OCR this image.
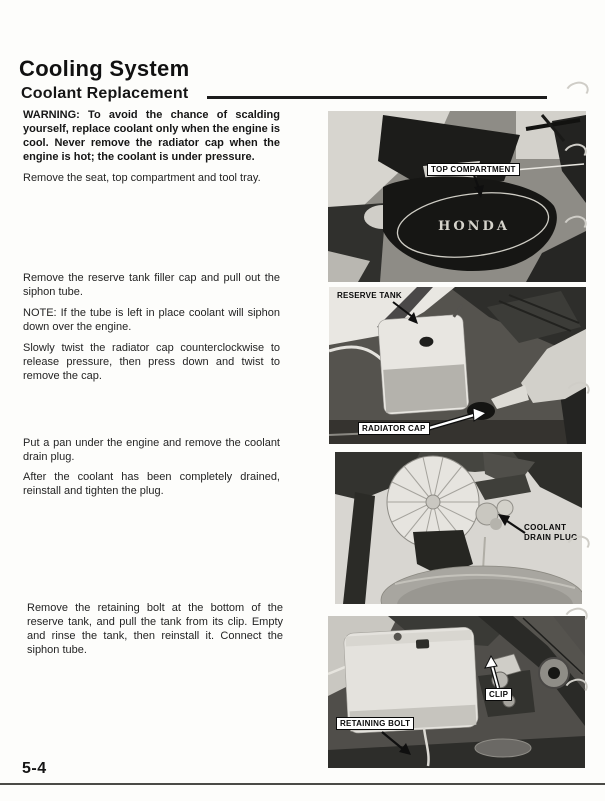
Cooling System
Coolant Replacement

WARNING: To avoid the chance of scalding yourself, replace coolant only when the engine is cool. Never remove the radiator cap when the engine is hot; the coolant is under pressure.

Remove the seat, top compartment and tool tray.

Remove the reserve tank filler cap and pull out the siphon tube.

NOTE: If the tube is left in place coolant will siphon down over the engine.

Slowly twist the radiator cap counterclockwise to release pressure, then press down and twist to remove the cap.

Put a pan under the engine and remove the coolant drain plug.

After the coolant has been completely drained, reinstall and tighten the plug.

Remove the retaining bolt at the bottom of the reserve tank, and pull the tank from its clip. Empty and rinse the tank, then reinstall it. Connect the siphon tube.

HONDA
TOP COMPARTMENT
RESERVE TANK
RADIATOR CAP
COOLANT
DRAIN PLUG
CLIP
RETAINING BOLT

5-4
